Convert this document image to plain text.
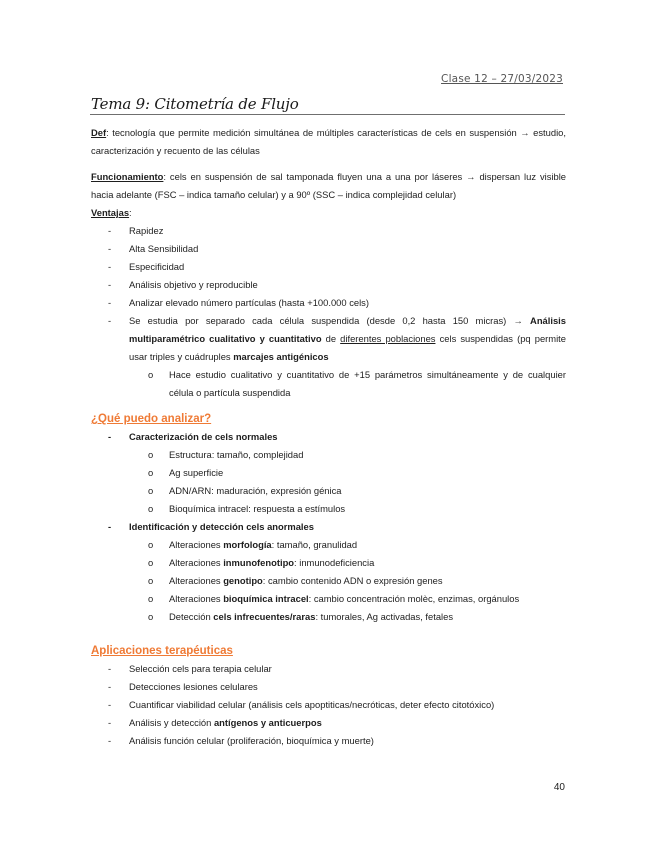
Clase 12 – 27/03/2023
Tema 9: Citometría de Flujo

Def: tecnología que permite medición simultánea de múltiples características de cels en suspensión → estudio, caracterización y recuento de las células

Funcionamiento: cels en suspensión de sal tamponada fluyen una a una por láseres → dispersan luz visible hacia adelante (FSC – indica tamaño celular) y a 90º (SSC – indica complejidad celular)

Ventajas:

- Rapidez
- Alta Sensibilidad
- Especificidad
- Análisis objetivo y reproducible
- Analizar elevado número partículas (hasta +100.000 cels)
- Se estudia por separado cada célula suspendida (desde 0,2 hasta 150 micras) → Análisis multiparamétrico cualitativo y cuantitativo de diferentes poblaciones cels suspendidas (pq permite usar triples y cuádruples marcajes antigénicos
o Hace estudio cualitativo y cuantitativo de +15 parámetros simultáneamente y de cualquier célula o partícula suspendida

¿Qué puedo analizar?

- Caracterización de cels normales
o Estructura: tamaño, complejidad
o Ag superficie
o ADN/ARN: maduración, expresión génica
o Bioquímica intracel: respuesta a estímulos
- Identificación y detección cels anormales
o Alteraciones morfología: tamaño, granulidad
o Alteraciones inmunofenotipo: inmunodeficiencia
o Alteraciones genotipo: cambio contenido ADN o expresión genes
o Alteraciones bioquímica intracel: cambio concentración molèc, enzimas, orgánulos
o Detección cels infrecuentes/raras: tumorales, Ag activadas, fetales

Aplicaciones terapéuticas

- Selección cels para terapia celular
- Detecciones lesiones celulares
- Cuantificar viabilidad celular (análisis cels apoptiticas/necróticas, deter efecto citotóxico)
- Análisis y detección antígenos y anticuerpos
- Análisis función celular (proliferación, bioquímica y muerte)
40
